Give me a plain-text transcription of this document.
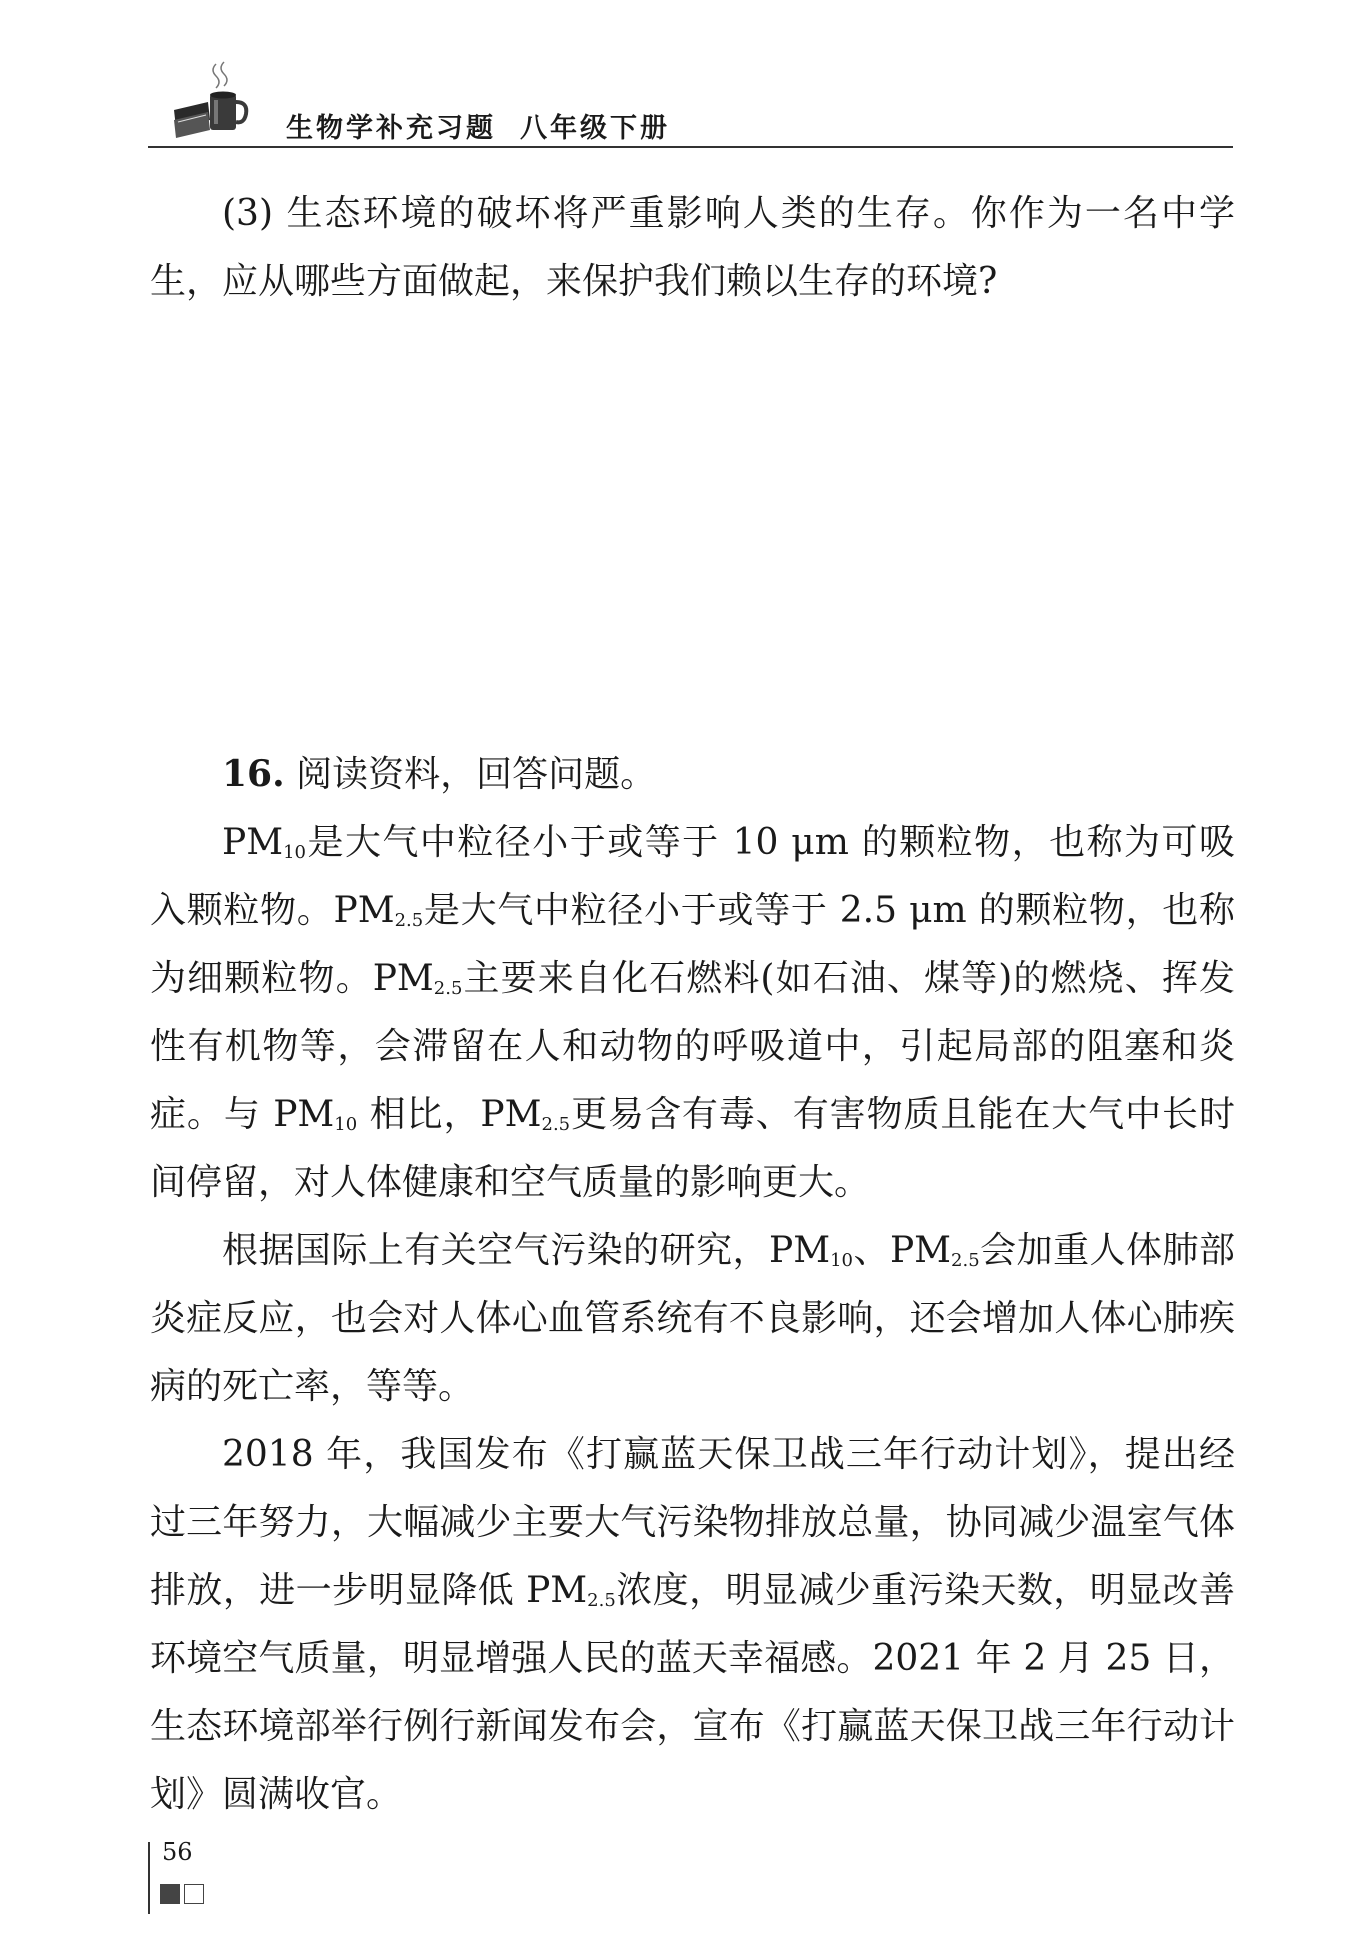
生物学补充习题 八年级下册

(3) 生态环境的破坏将严重影响人类的生存。你作为一名中学生，应从哪些方面做起，来保护我们赖以生存的环境?

16. 阅读资料，回答问题。

$PM_{10}$是大气中粒径小于或等于 10 μm 的颗粒物，也称为可吸入颗粒物。$PM_{2.5}$是大气中粒径小于或等于 2.5 μm 的颗粒物，也称为细颗粒物。$PM_{2.5}$主要来自化石燃料(如石油、煤等)的燃烧、挥发性有机物等，会滞留在人和动物的呼吸道中，引起局部的阻塞和炎症。与 $PM_{10}$ 相比，$PM_{2.5}$更易含有毒、有害物质且能在大气中长时间停留，对人体健康和空气质量的影响更大。

根据国际上有关空气污染的研究，$PM_{10}$、$PM_{2.5}$会加重人体肺部炎症反应，也会对人体心血管系统有不良影响，还会增加人体心肺疾病的死亡率，等等。

2018 年，我国发布《打赢蓝天保卫战三年行动计划》，提出经过三年努力，大幅减少主要大气污染物排放总量，协同减少温室气体排放，进一步明显降低 $PM_{2.5}$浓度，明显减少重污染天数，明显改善环境空气质量，明显增强人民的蓝天幸福感。2021 年 2 月 25 日，生态环境部举行例行新闻发布会，宣布《打赢蓝天保卫战三年行动计划》圆满收官。

56
